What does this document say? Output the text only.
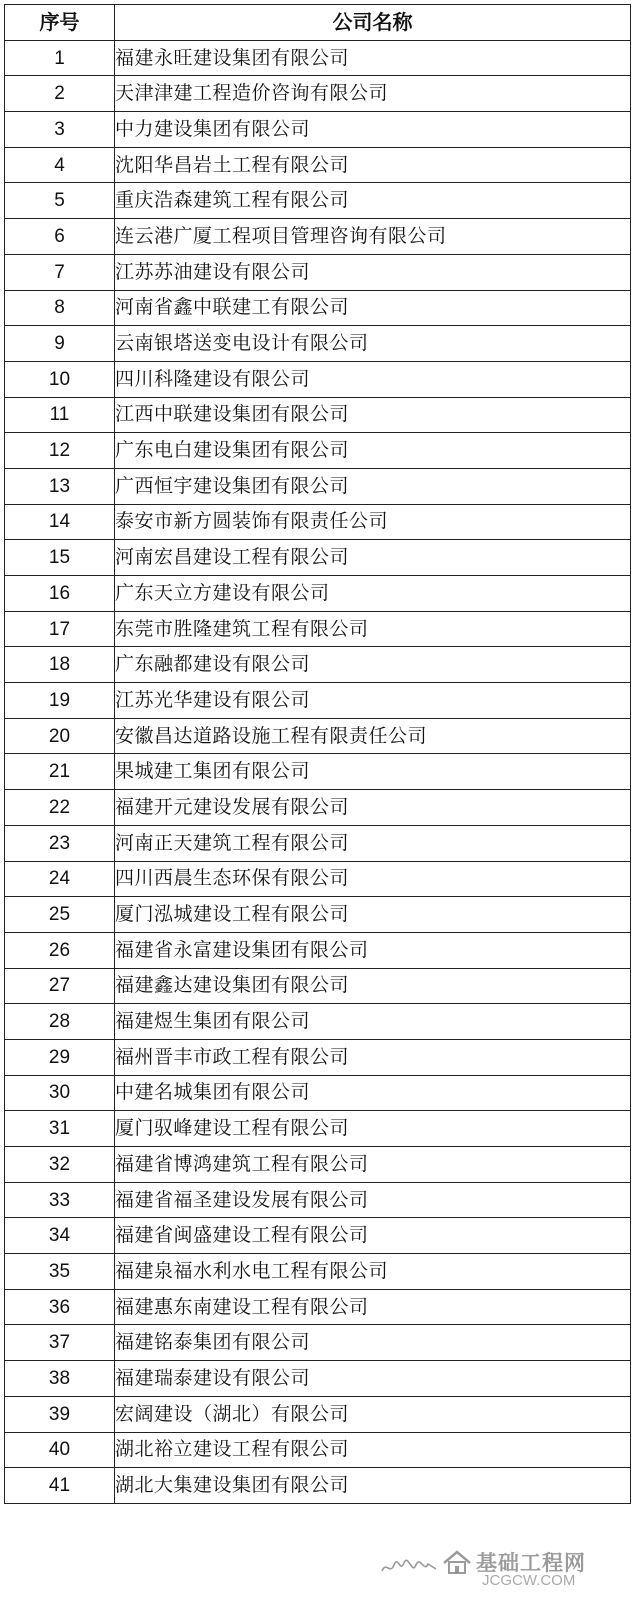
序号	公司名称
1	福建永旺建设集团有限公司
2	天津津建工程造价咨询有限公司
3	中力建设集团有限公司
4	沈阳华昌岩土工程有限公司
5	重庆浩森建筑工程有限公司
6	连云港广厦工程项目管理咨询有限公司
7	江苏苏油建设有限公司
8	河南省鑫中联建工有限公司
9	云南银塔送变电设计有限公司
10	四川科隆建设有限公司
11	江西中联建设集团有限公司
12	广东电白建设集团有限公司
13	广西恒宇建设集团有限公司
14	泰安市新方圆装饰有限责任公司
15	河南宏昌建设工程有限公司
16	广东天立方建设有限公司
17	东莞市胜隆建筑工程有限公司
18	广东融都建设有限公司
19	江苏光华建设有限公司
20	安徽昌达道路设施工程有限责任公司
21	果城建工集团有限公司
22	福建开元建设发展有限公司
23	河南正天建筑工程有限公司
24	四川西晨生态环保有限公司
25	厦门泓城建设工程有限公司
26	福建省永富建设集团有限公司
27	福建鑫达建设集团有限公司
28	福建煜生集团有限公司
29	福州晋丰市政工程有限公司
30	中建名城集团有限公司
31	厦门驭峰建设工程有限公司
32	福建省博鸿建筑工程有限公司
33	福建省福圣建设发展有限公司
34	福建省闽盛建设工程有限公司
35	福建泉福水利水电工程有限公司
36	福建惠东南建设工程有限公司
37	福建铭泰集团有限公司
38	福建瑞泰建设有限公司
39	宏阔建设（湖北）有限公司
40	湖北裕立建设工程有限公司
41	湖北大集建设集团有限公司
基础工程网
JCGCW.COM
